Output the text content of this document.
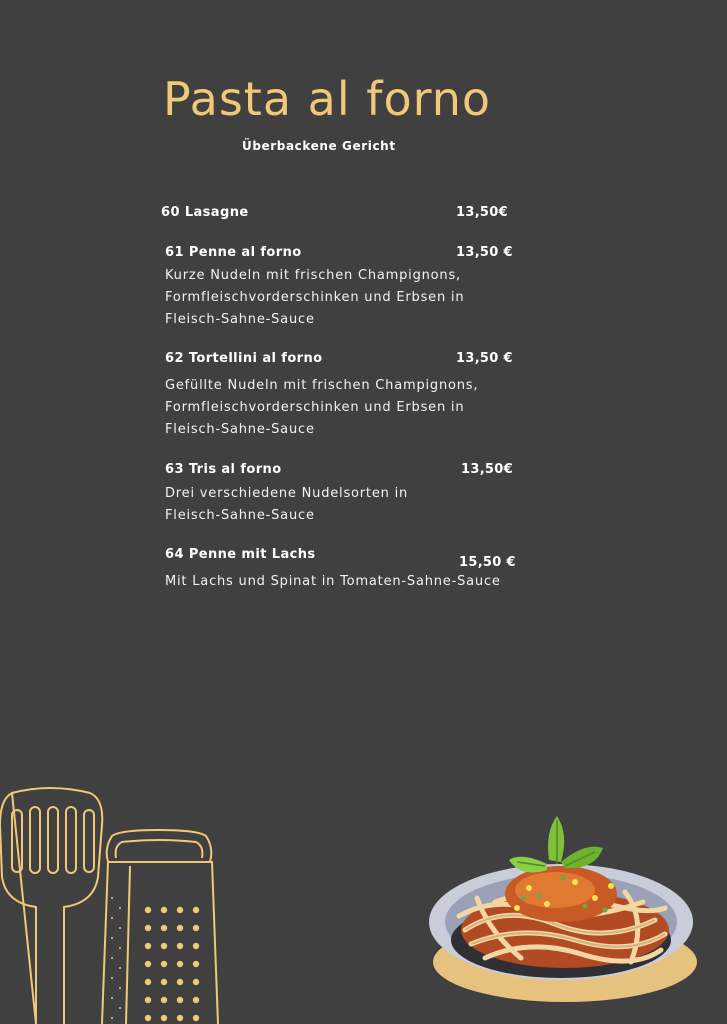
Pasta al forno
Überbackene Gericht
60 Lasagne	13,50€
61 Penne al forno	13,50 €
Kurze Nudeln mit frischen Champignons, Formfleischvorderschinken und Erbsen in Fleisch-Sahne-Sauce
62 Tortellini al forno	13,50 €
Gefüllte Nudeln mit frischen Champignons, Formfleischvorderschinken und Erbsen in Fleisch-Sahne-Sauce
63 Tris al forno	13,50€
Drei verschiedene Nudelsorten in Fleisch-Sahne-Sauce
64 Penne mit Lachs
15,50 €
Mit Lachs und Spinat in Tomaten-Sahne-Sauce
